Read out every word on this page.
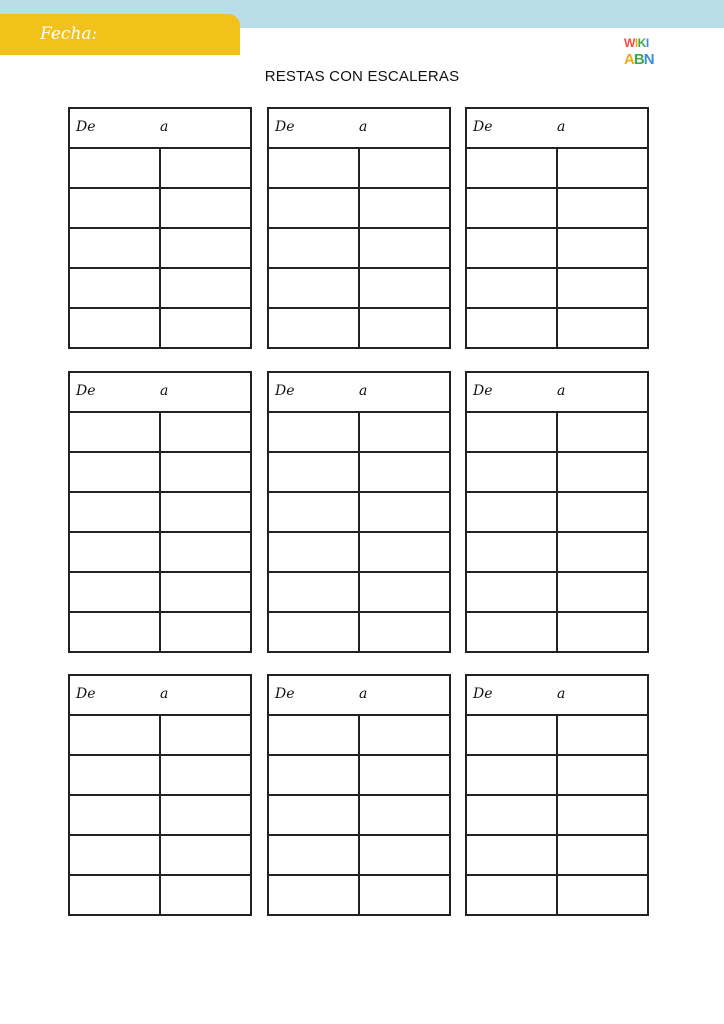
Fecha:	WIKI
ABN
RESTAS CON ESCALERAS
De	a	De	a	De	a
De	a	De	a	De	a
De	a	De	a	De	a
